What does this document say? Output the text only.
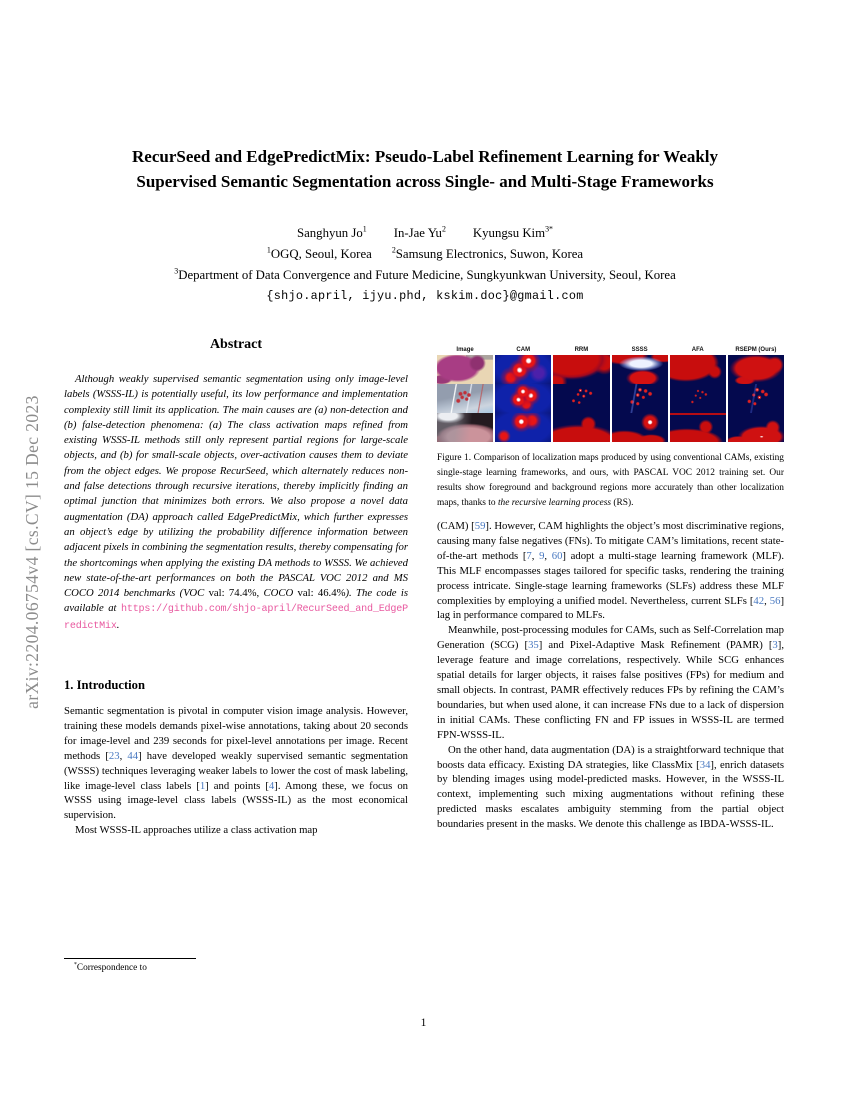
arXiv:2204.06754v4 [cs.CV] 15 Dec 2023
RecurSeed and EdgePredictMix: Pseudo-Label Refinement Learning for Weakly
Supervised Semantic Segmentation across Single- and Multi-Stage Frameworks
Sanghyun Jo$^1$ In-Jae Yu$^2$ Kyungsu Kim$^{3*}$
$^1$OGQ, Seoul, Korea	$^2$Samsung Electronics, Suwon, Korea
$^3$Department of Data Convergence and Future Medicine, Sungkyunkwan University, Seoul, Korea
{shjo.april, ijyu.phd, kskim.doc}@gmail.com
Abstract
Although weakly supervised semantic segmentation using only image-level labels (WSSS-IL) is potentially useful, its low performance and implementation complexity still limit its application. The main causes are (a) non-detection and (b) false-detection phenomena: (a) The class activation maps refined from existing WSSS-IL methods still only represent partial regions for large-scale objects, and (b) for small-scale objects, over-activation causes them to deviate from the object edges. We propose RecurSeed, which alternately reduces non- and false detections through recursive iterations, thereby implicitly finding an optimal junction that minimizes both errors. We also propose a novel data augmentation (DA) approach called EdgePredictMix, which further expresses an object’s edge by utilizing the probability difference information between adjacent pixels in combining the segmentation results, thereby compensating for the shortcomings when applying the existing DA methods to WSSS. We achieved new state-of-the-art performances on both the PASCAL VOC 2012 and MS COCO 2014 benchmarks (VOC val: 74.4%, COCO val: 46.4%). The code is available at https://github.com/shjo-april/RecurSeed_and_EdgePredictMix.
1. Introduction
Semantic segmentation is pivotal in computer vision image analysis. However, training these models demands pixel-wise annotations, taking about 20 seconds for image-level and 239 seconds for pixel-level annotations per image. Recent methods [23, 44] have developed weakly supervised semantic segmentation (WSSS) techniques leveraging weaker labels to lower the cost of mask labeling, like image-level class labels [1] and points [4]. Among these, we focus on WSSS using image-level class labels (WSSS-IL) as the most economical supervision.
Most WSSS-IL approaches utilize a class activation map
Image	CAM	RRM	SSSS	AFA	RSEPM (Ours)
Figure 1. Comparison of localization maps produced by using conventional CAMs, existing single-stage learning frameworks, and ours, with PASCAL VOC 2012 training set. Our results show foreground and background regions more accurately than other localization maps, thanks to the recursive learning process (RS).
(CAM) [59]. However, CAM highlights the object’s most discriminative regions, causing many false negatives (FNs). To mitigate CAM’s limitations, recent state-of-the-art methods [7, 9, 60] adopt a multi-stage learning framework (MLF). This MLF encompasses stages tailored for specific tasks, rendering the training process intricate. Single-stage learning frameworks (SLFs) address these MLF complexities by employing a unified model. Nevertheless, current SLFs [42, 56] lag in performance compared to MLFs.
Meanwhile, post-processing modules for CAMs, such as Self-Correlation map Generation (SCG) [35] and Pixel-Adaptive Mask Refinement (PAMR) [3], leverage feature and image correlations, respectively. While SCG enhances spatial details for larger objects, it raises false positives (FPs) for medium and small objects. In contrast, PAMR effectively reduces FPs by refining the CAM’s boundaries, but when used alone, it can increase FNs due to a lack of dispersion in initial CAMs. These conflicting FN and FP issues in WSSS-IL are termed FPN-WSSS-IL.
On the other hand, data augmentation (DA) is a straightforward technique that boosts data efficacy. Existing DA strategies, like ClassMix [34], enrich datasets by blending images using model-predicted masks. However, in the WSSS-IL context, implementing such mixing augmentations without refining these predicted masks escalates ambiguity stemming from the partial object boundaries present in the masks. We denote this challenge as IBDA-WSSS-IL.
*Correspondence to
1
